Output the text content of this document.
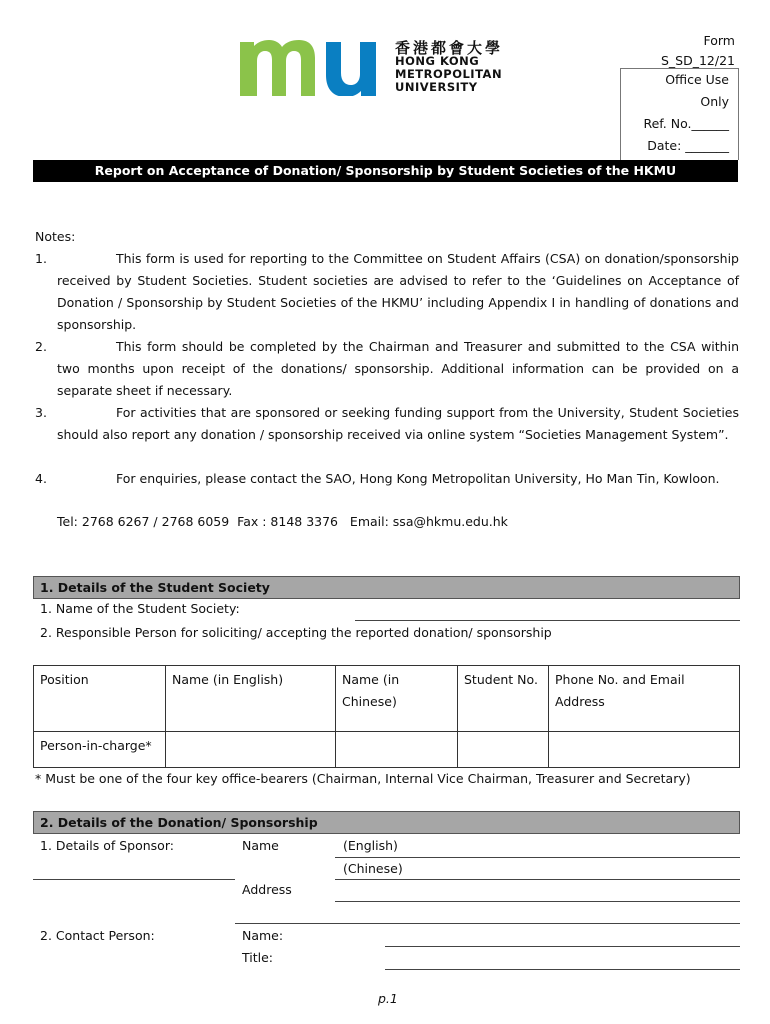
香港都會大學
HONG KONG
METROPOLITAN
UNIVERSITY
Form
S_SD_12/21
Office Use
Only
Ref. No.______
Date: _______
Report on Acceptance of Donation/ Sponsorship by Student Societies of the HKMU
Notes:
1.	This form is used for reporting to the Committee on Student Affairs (CSA) on donation/sponsorship received by Student Societies. Student societies are advised to refer to the ‘Guidelines on Acceptance of Donation / Sponsorship by Student Societies of the HKMU’ including Appendix I in handling of donations and sponsorship.
2.	This form should be completed by the Chairman and Treasurer and submitted to the CSA within two months upon receipt of the donations/ sponsorship. Additional information can be provided on a separate sheet if necessary.
3.	For activities that are sponsored or seeking funding support from the University, Student Societies should also report any donation / sponsorship received via online system “Societies Management System”.
4.	For enquiries, please contact the SAO, Hong Kong Metropolitan University, Ho Man Tin, Kowloon.
Tel: 2768 6267 / 2768 6059  Fax : 8148 3376   Email: ssa@hkmu.edu.hk
1. Details of the Student Society
1. Name of the Student Society:
2. Responsible Person for soliciting/ accepting the reported donation/ sponsorship
Position	Name (in English)	Name (in Chinese)	Student No.	Phone No. and Email Address
Person-in-charge*				
* Must be one of the four key office-bearers (Chairman, Internal Vice Chairman, Treasurer and Secretary)
2. Details of the Donation/ Sponsorship
1. Details of Sponsor:	Name	(English)
(Chinese)
Address
2. Contact Person:	Name:
Title:
p.1
